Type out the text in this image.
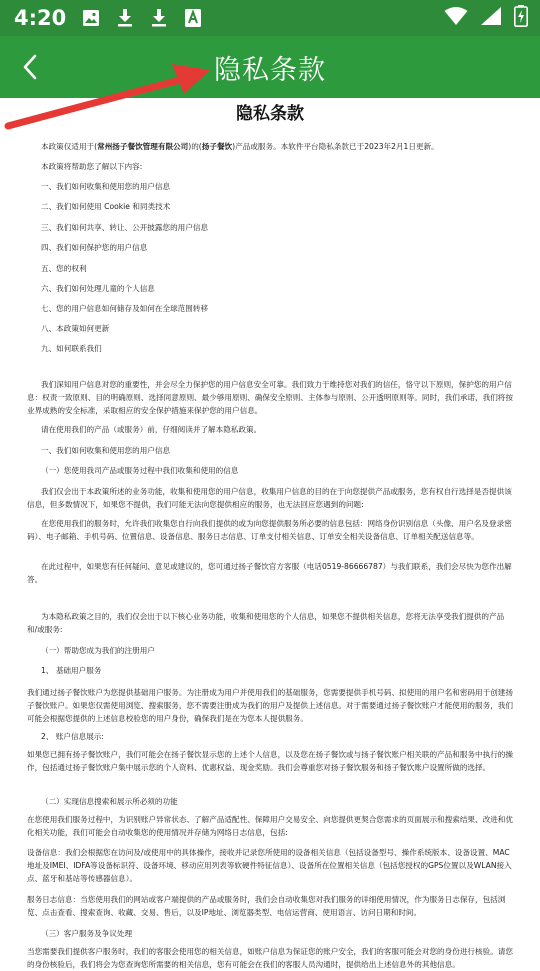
4:20
隐私条款
隐私条款
本政策仅适用于(常州扬子餐饮管理有限公司)的(扬子餐饮)产品或服务。本软件平台隐私条款已于2023年2月1日更新。
本政策将帮助您了解以下内容:
一、我们如何收集和使用您的用户信息
二、我们如何使用 Cookie 和同类技术
三、我们如何共享、转让、公开披露您的用户信息
四、我们如何保护您的用户信息
五、您的权利
六、我们如何处理儿童的个人信息
七、您的用户信息如何储存及如何在全球范围转移
八、本政策如何更新
九、如何联系我们
我们深知用户信息对您的重要性，并会尽全力保护您的用户信息安全可靠。我们致力于维持您对我们的信任，恪守以下原则，保护您的用户信息：权责一致原则、目的明确原则、选择同意原则、最少够用原则、确保安全原则、主体参与原则、公开透明原则等。同时，我们承诺，我们将按业界成熟的安全标准，采取相应的安全保护措施来保护您的用户信息。
请在使用我们的产品（或服务）前，仔细阅读并了解本隐私政策。
一、我们如何收集和使用您的用户信息
（一）您使用我司产品或服务过程中我们收集和使用的信息
我们仅会出于本政策所述的业务功能，收集和使用您的用户信息，收集用户信息的目的在于向您提供产品或服务，您有权自行选择是否提供该信息，但多数情况下，如果您不提供，我们可能无法向您提供相应的服务，也无法回应您遇到的问题:
在您使用我们的服务时，允许我们收集您自行向我们提供的或为向您提供服务所必要的信息包括：网络身份识别信息（头像、用户名及登录密码）、电子邮箱、手机号码、位置信息、设备信息、服务日志信息、订单支付相关信息、订单安全相关设备信息、订单相关配送信息等。
在此过程中，如果您有任何疑问、意见或建议的，您可通过扬子餐饮官方客服（电话0519-86666787）与我们联系，我们会尽快为您作出解答。
为本隐私政策之目的，我们仅会出于以下核心业务功能，收集和使用您的个人信息，如果您不提供相关信息，您将无法享受我们提供的产品和/或服务:
（一）帮助您成为我们的注册用户
1、 基础用户服务
我们通过扬子餐饮账户为您提供基础用户服务。为注册成为用户并使用我们的基础服务，您需要提供手机号码、拟使用的用户名和密码用于创建扬子餐饮账户。如果您仅需使用浏览、搜索服务，您不需要注册成为我们的用户及提供上述信息。对于需要通过扬子餐饮账户才能使用的服务，我们可能会根据您提供的上述信息校验您的用户身份，确保我们是在为您本人提供服务。
2、 账户信息展示:
如果您已拥有扬子餐饮账户，我们可能会在扬子餐饮显示您的上述个人信息，以及您在扬子餐饮或与扬子餐饮账户相关联的产品和服务中执行的操作，包括通过扬子餐饮账户集中展示您的个人资料、优惠权益、现金奖励。我们会尊重您对扬子餐饮服务和扬子餐饮账户设置所做的选择。
（二）实现信息搜索和展示所必须的功能
在您使用我们服务过程中，为识别账户异常状态、了解产品适配性、保障用户交易安全、向您提供更契合您需求的页面展示和搜索结果、改进和优化相关功能，我们可能会自动收集您的使用情况并存储为网络日志信息，包括:
设备信息：我们会根据您在访问及/或使用中的具体操作，接收并记录您所使用的设备相关信息（包括设备型号、操作系统版本、设备设置、MAC地址及IMEI、IDFA等设备标识符、设备环境、移动应用列表等软硬件特征信息）、设备所在位置相关信息（包括您授权的GPS位置以及WLAN接入点、蓝牙和基站等传感器信息）。
服务日志信息：当您使用我们的网站或客户端提供的产品或服务时，我们会自动收集您对我们服务的详细使用情况，作为服务日志保存，包括浏览、点击查看、搜索查询、收藏、交易、售后，以及IP地址、浏览器类型、电信运营商、使用语言、访问日期和时间。
（三）客户服务及争议处理
当您需要我们提供客户服务时，我们的客服会使用您的相关信息，如账户信息为保证您的账户安全，我们的客服可能会对您的身份进行核验。请您的身份核验后，我们将会为您查询您所需要的相关信息，您有可能会在我们的客服人员沟通时，提供给出上述信息外的其他信息。
